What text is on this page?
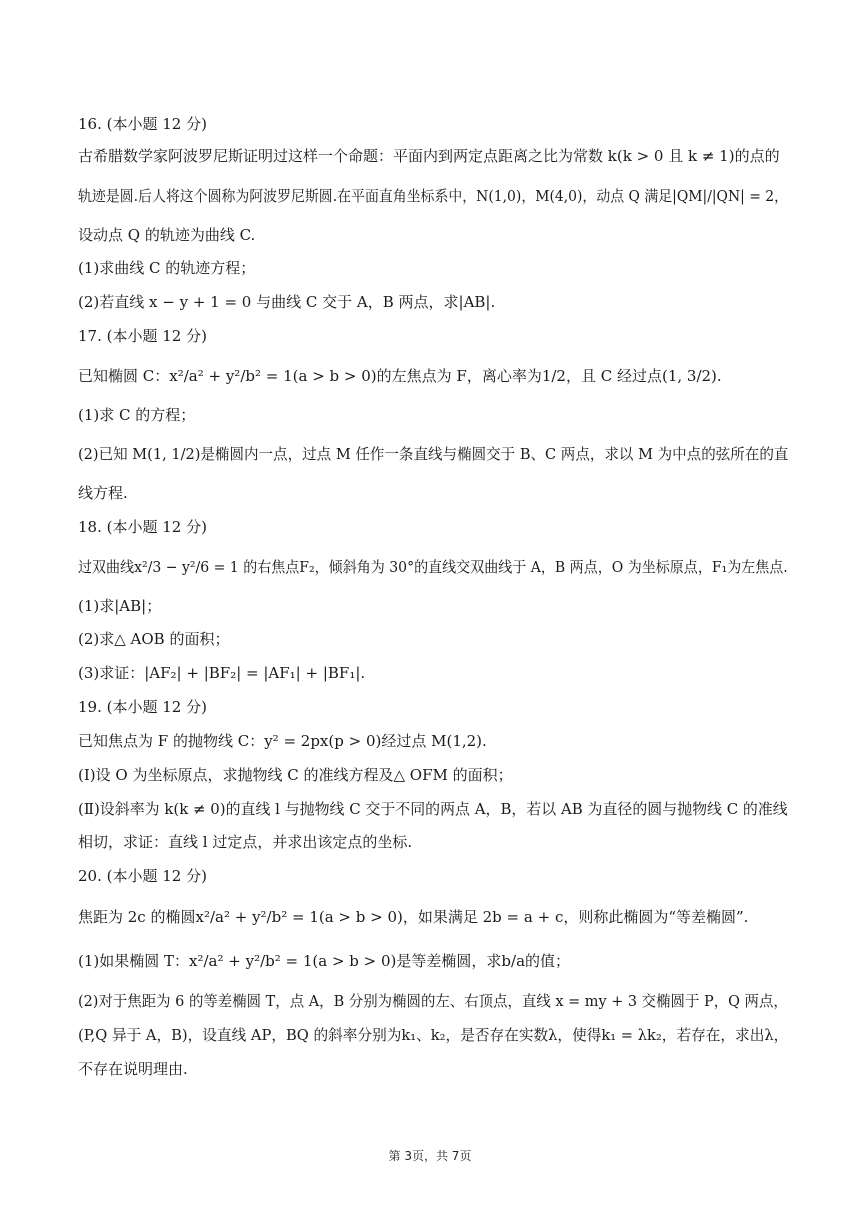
16. (本小题 12 分)
古希腊数学家阿波罗尼斯证明过这样一个命题：平面内到两定点距离之比为常数 k(k > 0 且 k ≠ 1)的点的
轨迹是圆.后人将这个圆称为阿波罗尼斯圆.在平面直角坐标系中，N(1,0)，M(4,0)，动点 Q 满足|QM|/|QN| = 2，
设动点 Q 的轨迹为曲线 C.
(1)求曲线 C 的轨迹方程；
(2)若直线 x − y + 1 = 0 与曲线 C 交于 A，B 两点，求|AB|.
17. (本小题 12 分)
已知椭圆 C：x²/a² + y²/b² = 1(a > b > 0)的左焦点为 F，离心率为1/2，且 C 经过点(1, 3/2).
(1)求 C 的方程；
(2)已知 M(1, 1/2)是椭圆内一点，过点 M 任作一条直线与椭圆交于 B、C 两点，求以 M 为中点的弦所在的直
线方程.
18. (本小题 12 分)
过双曲线x²/3 − y²/6 = 1 的右焦点F₂，倾斜角为 30°的直线交双曲线于 A，B 两点，O 为坐标原点，F₁为左焦点.
(1)求|AB|；
(2)求△ AOB 的面积；
(3)求证：|AF₂| + |BF₂| = |AF₁| + |BF₁|.
19. (本小题 12 分)
已知焦点为 F 的抛物线 C：y² = 2px(p > 0)经过点 M(1,2).
(Ⅰ)设 O 为坐标原点，求抛物线 C 的准线方程及△ OFM 的面积；
(Ⅱ)设斜率为 k(k ≠ 0)的直线 l 与抛物线 C 交于不同的两点 A，B，若以 AB 为直径的圆与抛物线 C 的准线
相切，求证：直线 l 过定点，并求出该定点的坐标.
20. (本小题 12 分)
焦距为 2c 的椭圆x²/a² + y²/b² = 1(a > b > 0)，如果满足 2b = a + c，则称此椭圆为“等差椭圆”.
(1)如果椭圆 T：x²/a² + y²/b² = 1(a > b > 0)是等差椭圆，求b/a的值；
(2)对于焦距为 6 的等差椭圆 T，点 A，B 分别为椭圆的左、右顶点，直线 x = my + 3 交椭圆于 P，Q 两点，
(P,Q 异于 A，B)，设直线 AP，BQ 的斜率分别为k₁、k₂，是否存在实数λ，使得k₁ = λk₂，若存在，求出λ，
不存在说明理由.
第 3页，共 7页
